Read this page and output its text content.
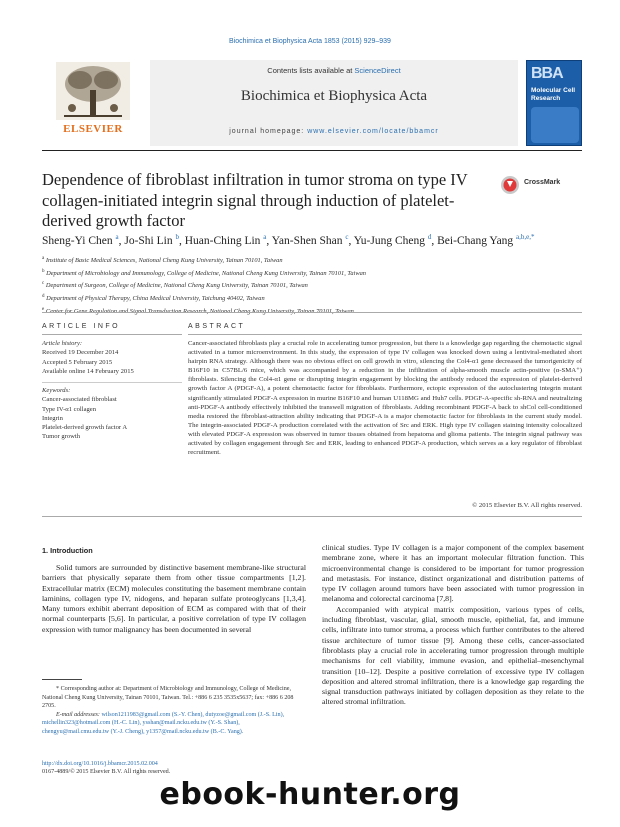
Biochimica et Biophysica Acta 1853 (2015) 929–939
Contents lists available at ScienceDirect
Biochimica et Biophysica Acta
journal homepage: www.elsevier.com/locate/bbamcr
ELSEVIER
BBA
Molecular Cell Research
Dependence of fibroblast infiltration in tumor stroma on type IV collagen-initiated integrin signal through induction of platelet-derived growth factor
CrossMark
Sheng-Yi Chen $^a$, Jo-Shi Lin $^b$, Huan-Ching Lin $^a$, Yan-Shen Shan $^c$, Yu-Jung Cheng $^d$, Bei-Chang Yang $^{a,b,e,*}$
$^a$ Institute of Basic Medical Sciences, National Cheng Kung University, Tainan 70101, Taiwan
$^b$ Department of Microbiology and Immunology, College of Medicine, National Cheng Kung University, Tainan 70101, Taiwan
$^c$ Department of Surgeon, College of Medicine, National Cheng Kung University, Tainan 70101, Taiwan
$^d$ Department of Physical Therapy, China Medical University, Taichung 40402, Taiwan
$^e$
ARTICLE INFO
Article history:
Received 19 December 2014
Accepted 5 February 2015
Available online 14 February 2015
Keywords:
Cancer-associated fibroblast
Type IV-α1 collagen
Integrin
Platelet-derived growth factor A
Tumor growth
ABSTRACT
Cancer-associated fibroblasts play a crucial role in accelerating tumor progression, but there is a knowledge gap regarding the chemotactic signal activated in a tumor microenvironment. In this study, the expression of type IV collagen was knocked down using a lentiviral-mediated short hairpin RNA strategy. Although there was no obvious effect on cell growth in vitro, silencing the Col4-α1 gene decreased the tumorigenicity of B16F10 in C57BL/6 mice, which was accompanied by a reduction in the infiltration of alpha-smooth muscle actin-positive (α-SMA⁺) fibroblasts. Silencing the Col4-α1 gene or disrupting integrin engagement by blocking the antibody reduced the expression of platelet-derived growth factor A (PDGF-A), a potent chemotactic factor for fibroblasts. Furthermore, ectopic expression of the autoclustering integrin mutant significantly stimulated PDGF-A expression in murine B16F10 and human U118MG and Huh7 cells. PDGF-A-specific sh-RNA and neutralizing anti-PDGF-A antibody effectively inhibited the transwell migration of fibroblasts. Adding recombinant PDGF-A back to shCol cell-conditioned media restored the fibroblast-attraction ability indicating that PDGF-A is a major chemotactic factor for fibroblasts in the current study model. The integrin-associated PDGF-A production correlated with the activation of Src and ERK. High type IV collagen staining intensity colocalized with elevated PDGF-A expression was observed in tumor tissues obtained from hepatoma and glioma patients. The integrin signal pathway was activated by collagen engagement through Src and ERK, leading to enhanced PDGF-A production, which serves as a key regulator of fibroblast recruitment.
© 2015 Elsevier B.V. All rights reserved.
1. Introduction
Solid tumors are surrounded by distinctive basement membrane-like structural barriers that physically separate them from other tissue compartments [1,2]. Extracellular matrix (ECM) molecules constituting the basement membrane contain laminins, collagen type IV, nidogens, and heparan sulfate proteoglycans [1,3,4]. Many tumors exhibit aberrant deposition of ECM as compared with that of their normal counterparts [5,6]. In particular, a positive correlation of type IV collagen expression with tumor malignancy has been documented in several

clinical studies. Type IV collagen is a major component of the complex basement membrane zone, where it has an important molecular filtration function. This microenvironmental change is considered to be important for tumor progression and metastasis. For instance, distinct organizational and distribution patterns of type IV collagen around tumors have been associated with tumor progression in melanoma and colorectal carcinoma [7,8].

Accompanied with atypical matrix composition, various types of cells, including fibroblast, vascular, glial, smooth muscle, epithelial, fat, and immune cells, infiltrate into tumor stroma, a process which further contributes to the altered tissue architecture of tumor tissue [9]. Among these cells, cancer-associated fibroblasts play a crucial role in accelerating tumor progression through multiple mechanisms for cell viability, immune evasion, and epithelial–mesenchymal transition [10–12]. Despite a positive correlation of excessive type IV collagen deposition and altered stromal infiltration, there is a knowledge gap regarding the signal transduction pathways initiated by collagen deposition as they relate to the altered stromal infiltration.

* Corresponding author at: Department of Microbiology and Immunology, College of Medicine, National Cheng Kung University, Tainan 70101, Taiwan. Tel.: +886 6 235 3535x5637; fax: +886 6 208 2705.
E-mail addresses: wilson1211983@gmail.com (S.-Y. Chen), dutyzoe@gmail.com (J.-S. Lin), michellin323@hotmail.com (H.-C. Lin), ysshan@mail.ncku.edu.tw (Y.-S. Shan), chengyu@mail.cmu.edu.tw (Y.-J. Cheng), y1357@mail.ncku.edu.tw (B.-C. Yang).
http://dx.doi.org/10.1016/j.bbamcr.2015.02.004
0167-4889/© 2015 Elsevier B.V. All rights reserved.
ebook-hunter.org
